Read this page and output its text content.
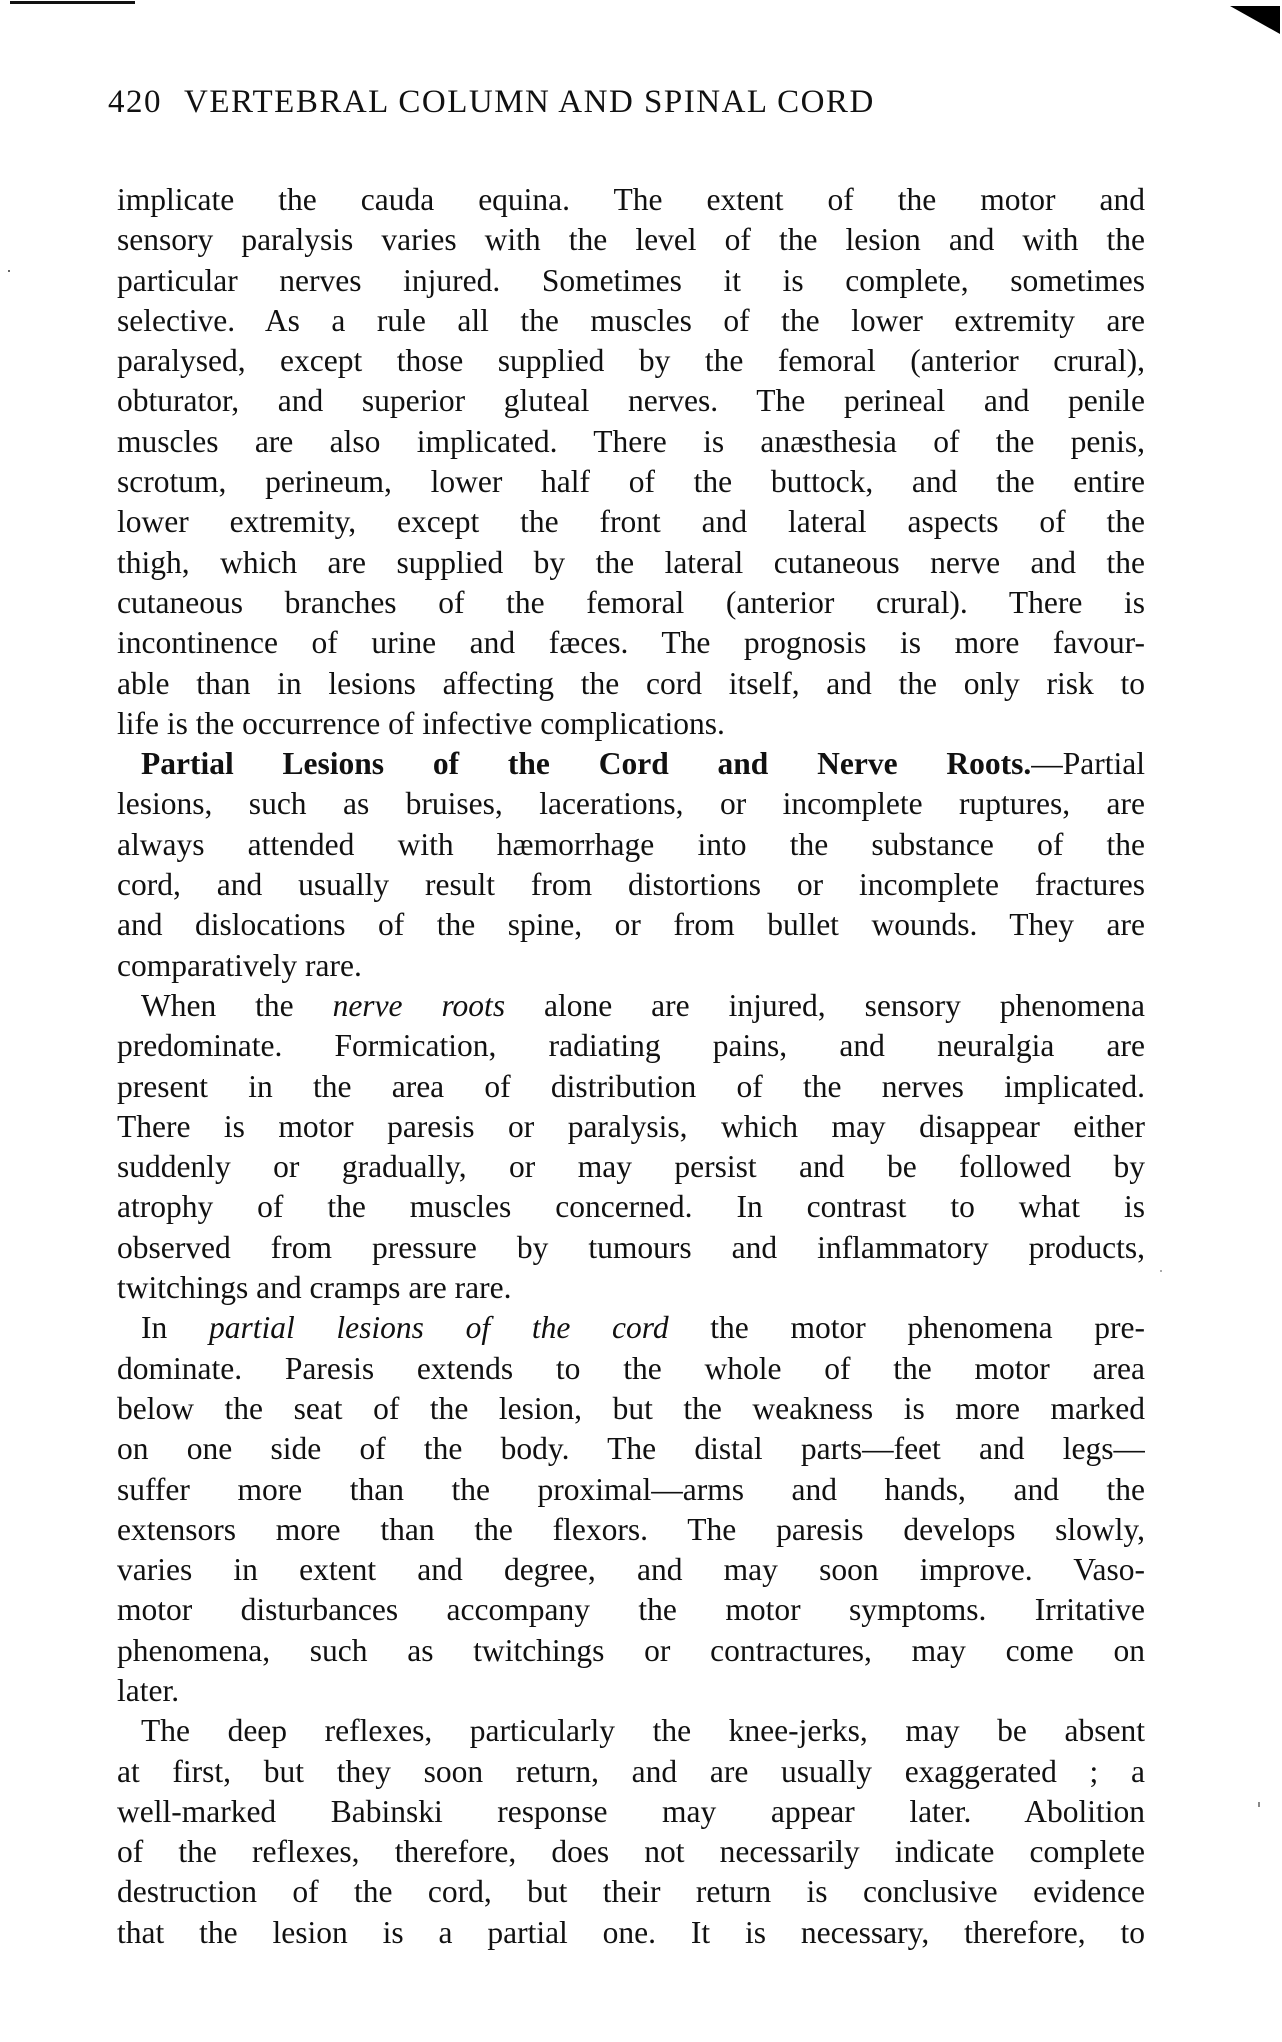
420 VERTEBRAL COLUMN AND SPINAL CORD
implicate the cauda equina. The extent of the motor and
sensory paralysis varies with the level of the lesion and with the
particular nerves injured. Sometimes it is complete, sometimes
selective. As a rule all the muscles of the lower extremity are
paralysed, except those supplied by the femoral (anterior crural),
obturator, and superior gluteal nerves. The perineal and penile
muscles are also implicated. There is anæsthesia of the penis,
scrotum, perineum, lower half of the buttock, and the entire
lower extremity, except the front and lateral aspects of the
thigh, which are supplied by the lateral cutaneous nerve and the
cutaneous branches of the femoral (anterior crural). There is
incontinence of urine and fæces. The prognosis is more favour-
able than in lesions affecting the cord itself, and the only risk to
life is the occurrence of infective complications.
Partial Lesions of the Cord and Nerve Roots.—Partial
lesions, such as bruises, lacerations, or incomplete ruptures, are
always attended with hæmorrhage into the substance of the
cord, and usually result from distortions or incomplete fractures
and dislocations of the spine, or from bullet wounds. They are
comparatively rare.
When the nerve roots alone are injured, sensory phenomena
predominate. Formication, radiating pains, and neuralgia are
present in the area of distribution of the nerves implicated.
There is motor paresis or paralysis, which may disappear either
suddenly or gradually, or may persist and be followed by
atrophy of the muscles concerned. In contrast to what is
observed from pressure by tumours and inflammatory products,
twitchings and cramps are rare.
In partial lesions of the cord the motor phenomena pre-
dominate. Paresis extends to the whole of the motor area
below the seat of the lesion, but the weakness is more marked
on one side of the body. The distal parts—feet and legs—
suffer more than the proximal—arms and hands, and the
extensors more than the flexors. The paresis develops slowly,
varies in extent and degree, and may soon improve. Vaso-
motor disturbances accompany the motor symptoms. Irritative
phenomena, such as twitchings or contractures, may come on
later.
The deep reflexes, particularly the knee-jerks, may be absent
at first, but they soon return, and are usually exaggerated ; a
well-marked Babinski response may appear later. Abolition
of the reflexes, therefore, does not necessarily indicate complete
destruction of the cord, but their return is conclusive evidence
that the lesion is a partial one. It is necessary, therefore, to
